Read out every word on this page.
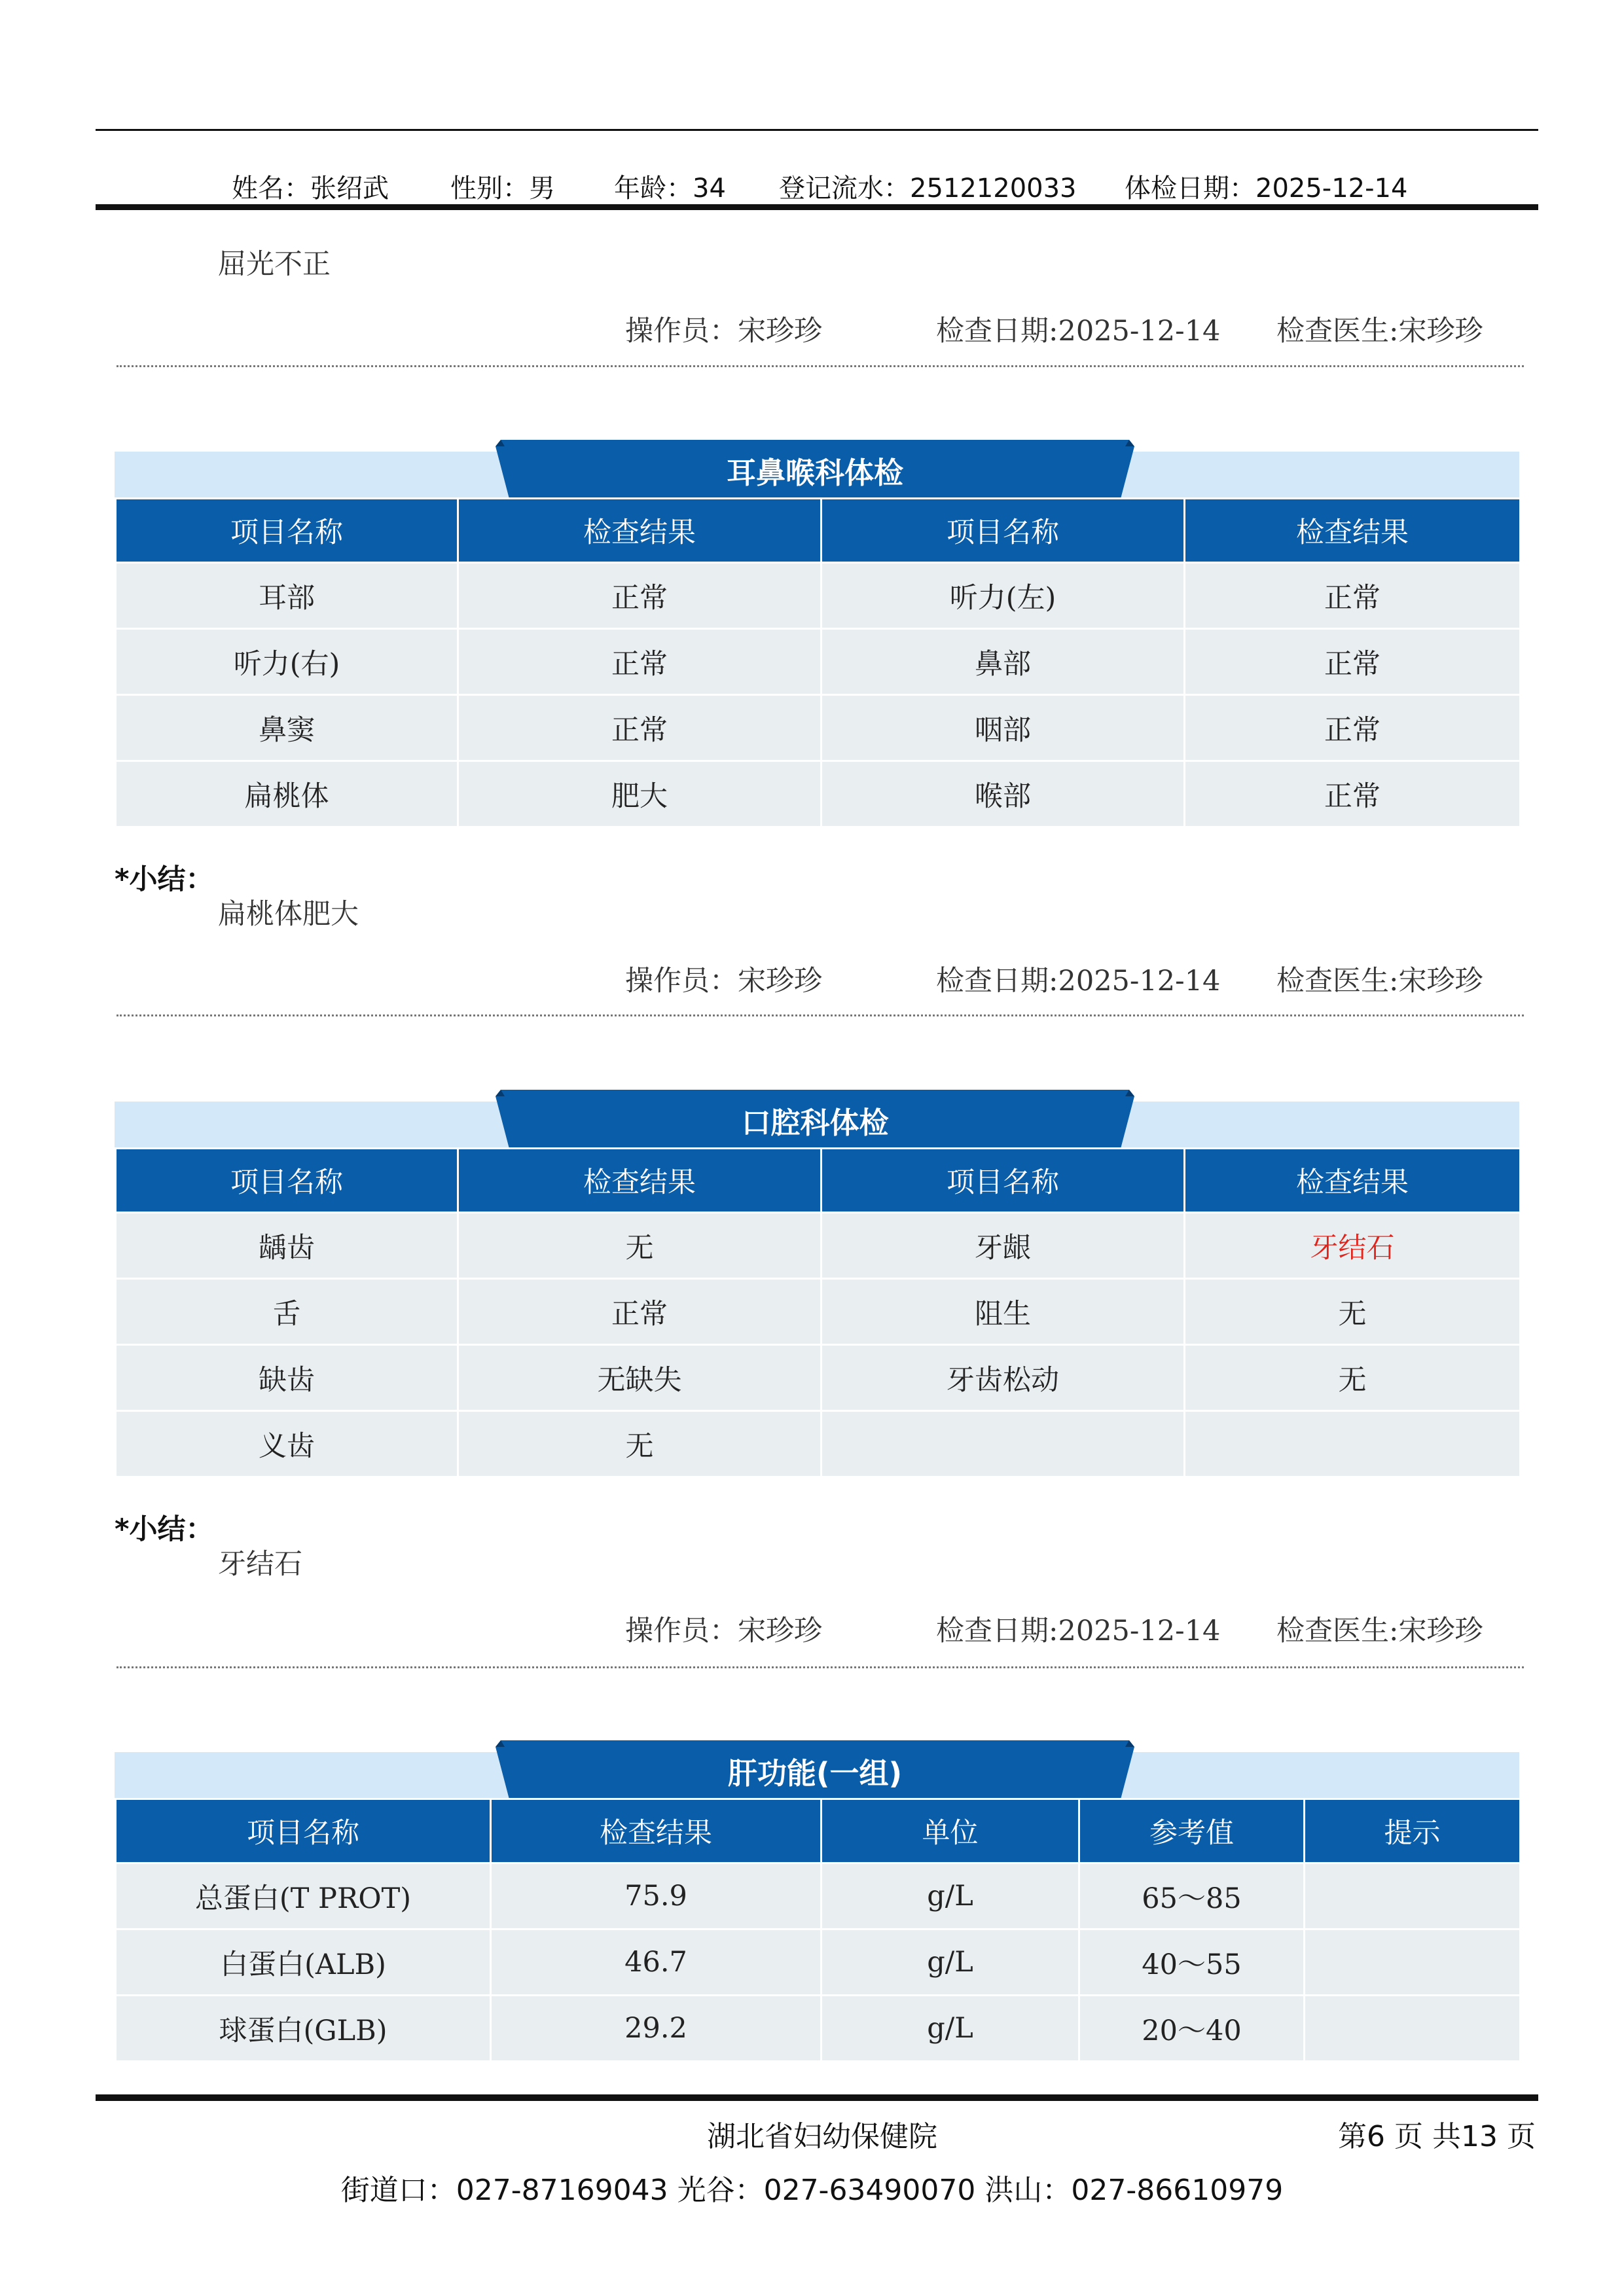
姓名：张绍武 性别：男 年龄：34 登记流水：2512120033 体检日期：2025-12-14
屈光不正
操作员：宋珍珍	检查日期:2025-12-14 检查医生:宋珍珍
耳鼻喉科体检
项目名称	检查结果	项目名称	检查结果
耳部	正常	听力(左)	正常
听力(右)	正常	鼻部	正常
鼻窦	正常	咽部	正常
扁桃体	肥大	喉部	正常
*小结：
扁桃体肥大
操作员：宋珍珍	检查日期:2025-12-14 检查医生:宋珍珍
口腔科体检
项目名称	检查结果	项目名称	检查结果
龋齿	无	牙龈	牙结石
舌	正常	阻生	无
缺齿	无缺失	牙齿松动	无
义齿	无		
*小结：
牙结石
操作员：宋珍珍	检查日期:2025-12-14 检查医生:宋珍珍
肝功能(一组)
项目名称	检查结果	单位	参考值	提示
总蛋白(T PROT)	75.9	g/L	65～85	
白蛋白(ALB)	46.7	g/L	40～55	
球蛋白(GLB)	29.2	g/L	20～40	
湖北省妇幼保健院	第6 页 共13 页
街道口：027-87169043 光谷：027-63490070 洪山：027-86610979
